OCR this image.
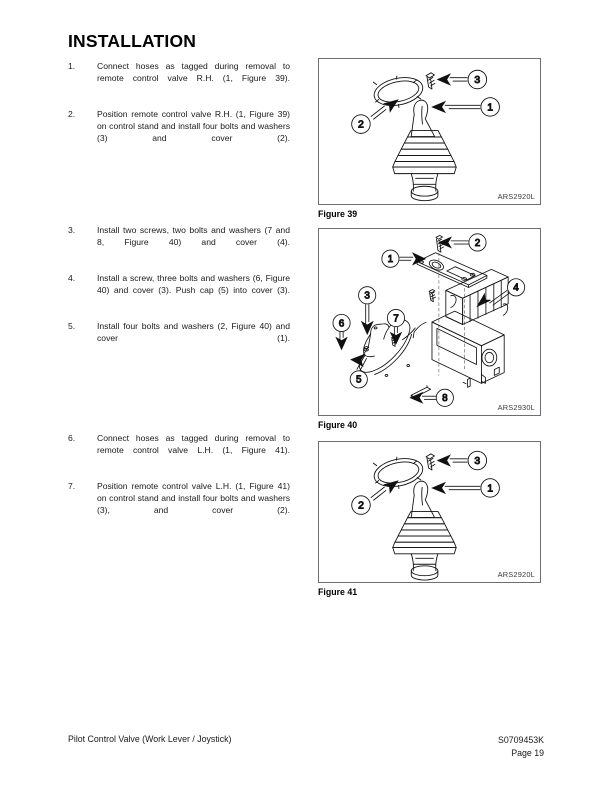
INSTALLATION
1.	Connect hoses as tagged during removal to remote control valve R.H. (1, Figure 39).
2.	Position remote control valve R.H. (1, Figure 39) on control stand and install four bolts and washers (3) and cover (2).
3.	Install two screws, two bolts and washers (7 and 8, Figure 40) and cover (4).
4.	Install a screw, three bolts and washers (6, Figure 40) and cover (3). Push cap (5) into cover (3).
5.	Install four bolts and washers (2, Figure 40) and cover (1).
6.	Connect hoses as tagged during removal to remote control valve L.H. (1, Figure 41).
7.	Position remote control valve L.H. (1, Figure 41) on control stand and install four bolts and washers (3), and cover (2).
1
2
3
ARS2920L
Figure 39
1
2
3
4
5
6	7
8
ARS2930L
Figure 40
1
2
3
ARS2920L
Figure 41
Pilot Control Valve (Work Lever / Joystick)	S0709453K
Page 19
